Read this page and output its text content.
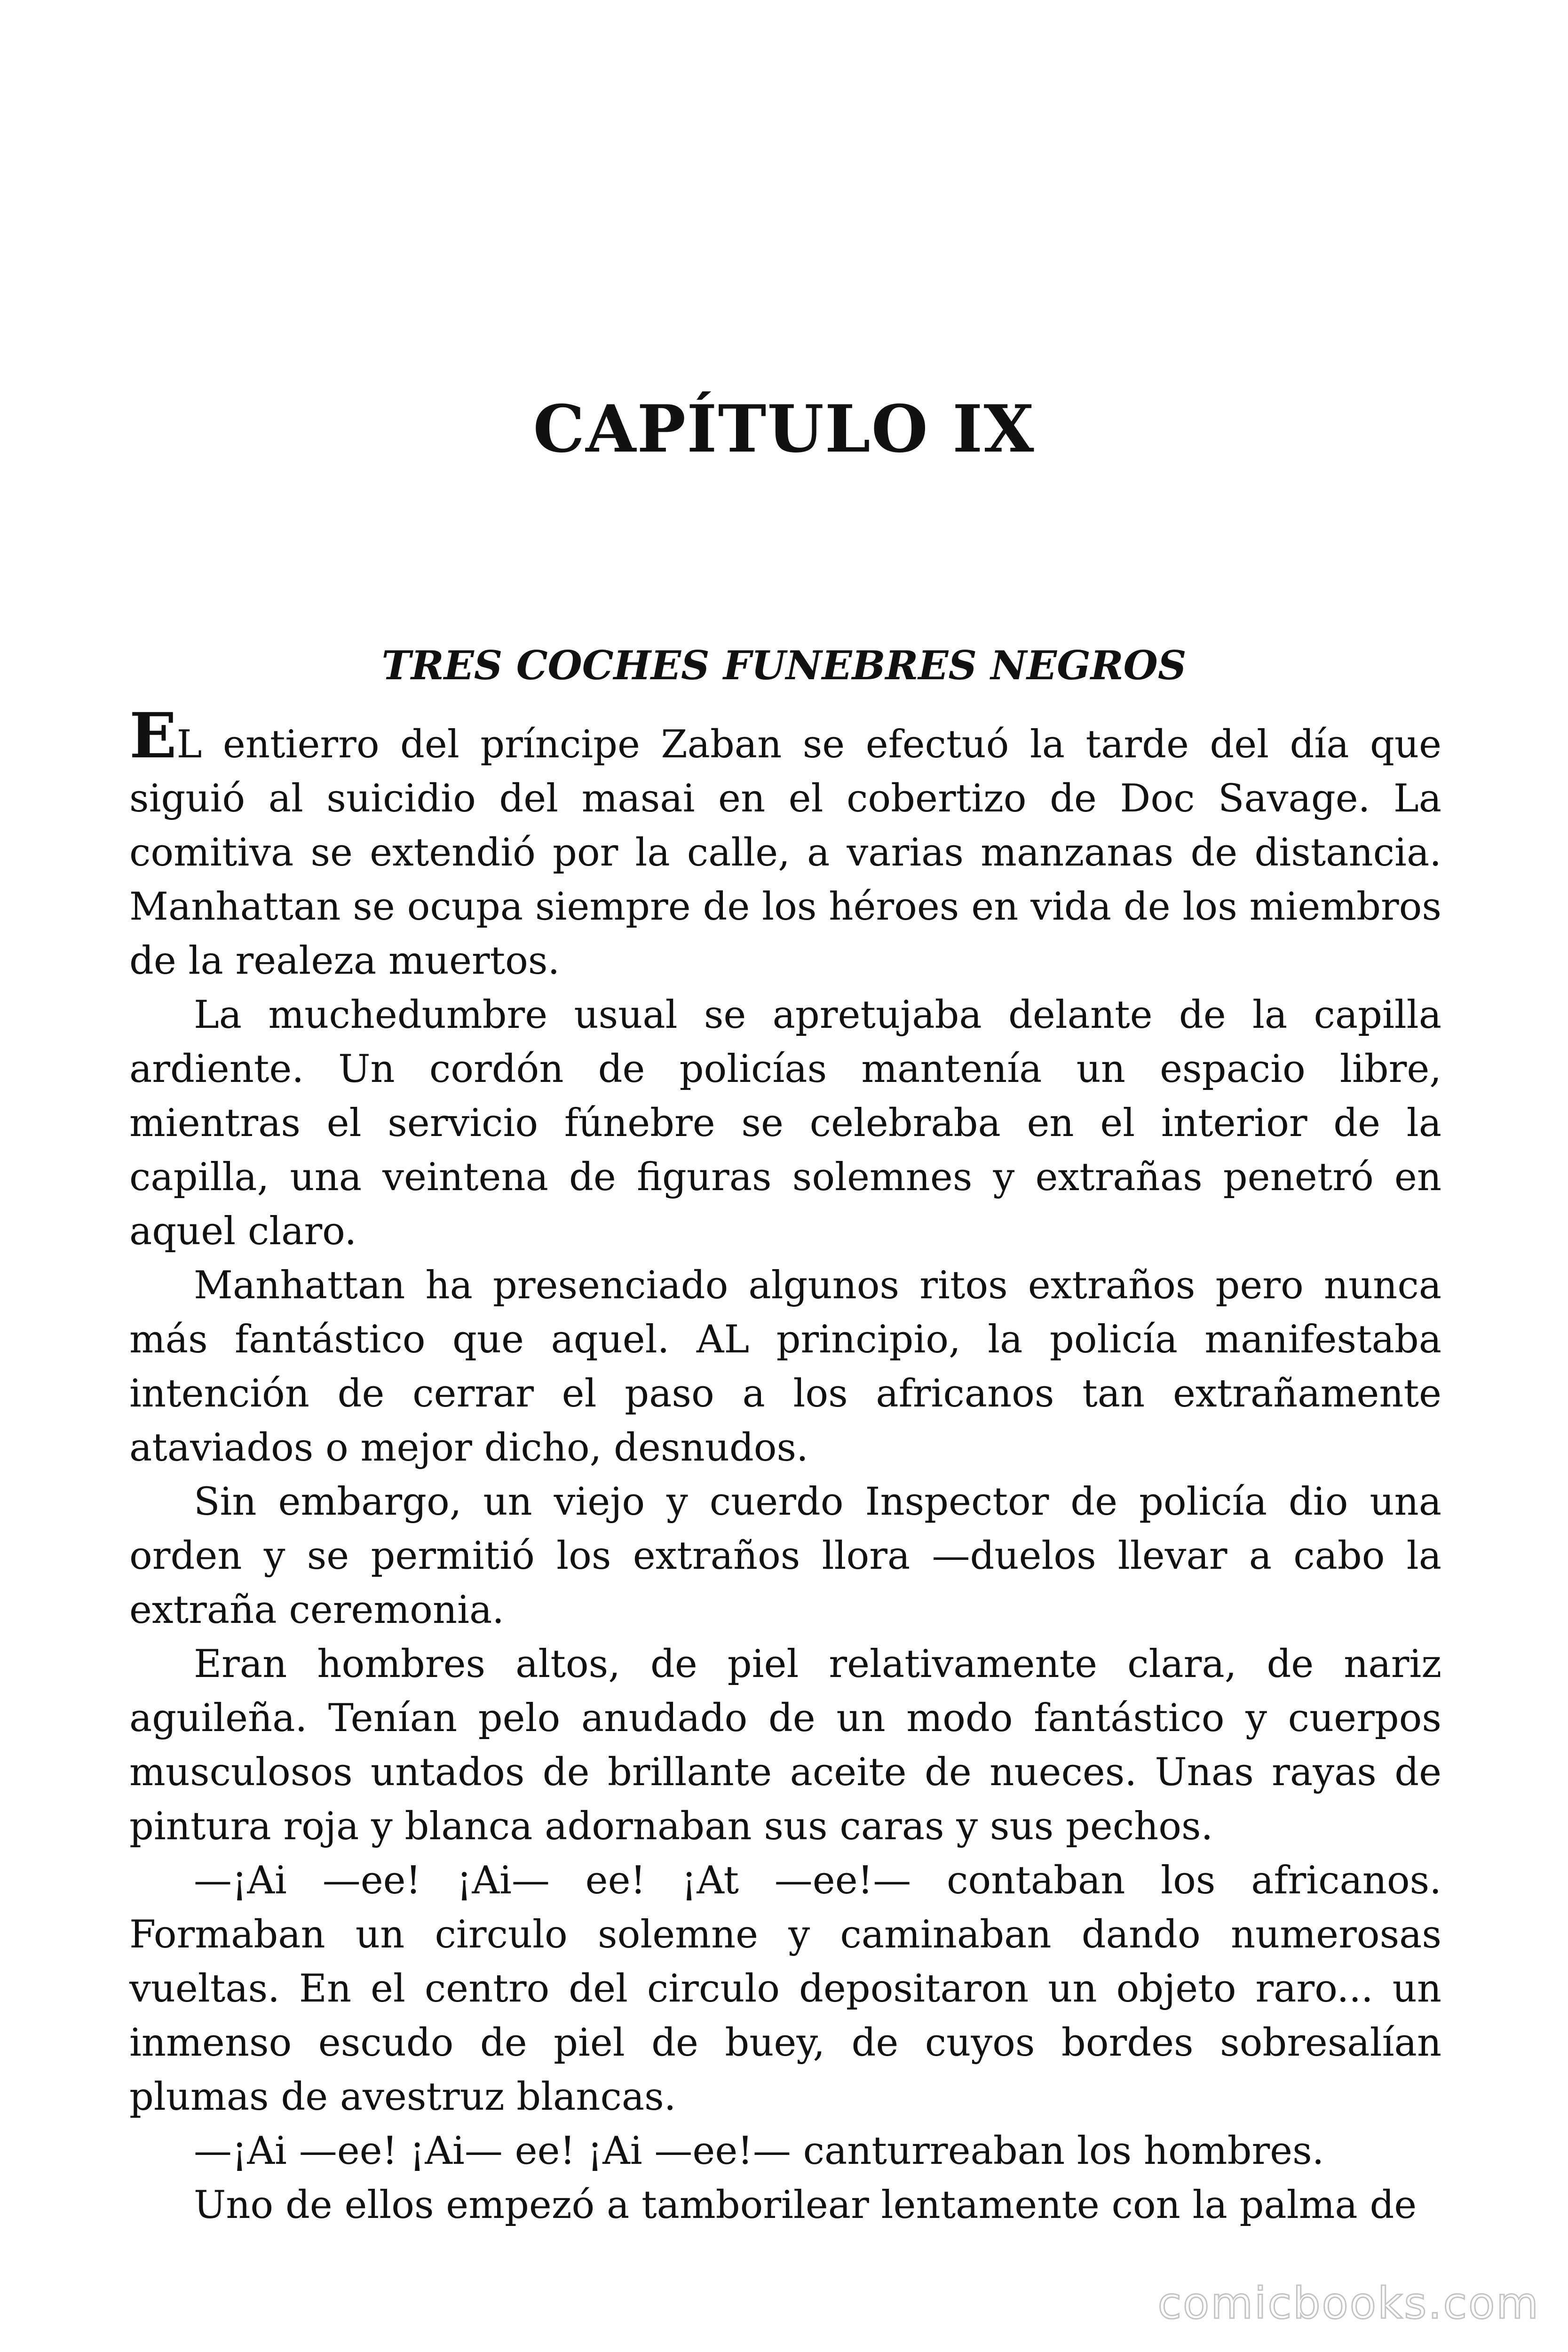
CAPÍTULO IX
TRES COCHES FUNEBRES NEGROS

EL entierro del príncipe Zaban se efectuó la tarde del día que siguió al suicidio del masai en el cobertizo de Doc Savage. La comitiva se extendió por la calle, a varias manzanas de distancia. Manhattan se ocupa siempre de los héroes en vida de los miembros de la realeza muertos.

La muchedumbre usual se apretujaba delante de la capilla ardiente. Un cordón de policías mantenía un espacio libre, mientras el servicio fúnebre se celebraba en el interior de la capilla, una veintena de figuras solemnes y extrañas penetró en aquel claro.

Manhattan ha presenciado algunos ritos extraños pero nunca más fantástico que aquel. AL principio, la policía manifestaba intención de cerrar el paso a los africanos tan extrañamente ataviados o mejor dicho, desnudos.

Sin embargo, un viejo y cuerdo Inspector de policía dio una orden y se permitió los extraños llora —duelos llevar a cabo la extraña ceremonia.

Eran hombres altos, de piel relativamente clara, de nariz aguileña. Tenían pelo anudado de un modo fantástico y cuerpos musculosos untados de brillante aceite de nueces. Unas rayas de pintura roja y blanca adornaban sus caras y sus pechos.

—¡Ai —ee! ¡Ai— ee! ¡At —ee!— contaban los africanos. Formaban un circulo solemne y caminaban dando numerosas vueltas. En el centro del circulo depositaron un objeto raro... un inmenso escudo de piel de buey, de cuyos bordes sobresalían plumas de avestruz blancas.

—¡Ai —ee! ¡Ai— ee! ¡Ai —ee!— canturreaban los hombres.

Uno de ellos empezó a tamborilear lentamente con la palma de

comicbooks.com
